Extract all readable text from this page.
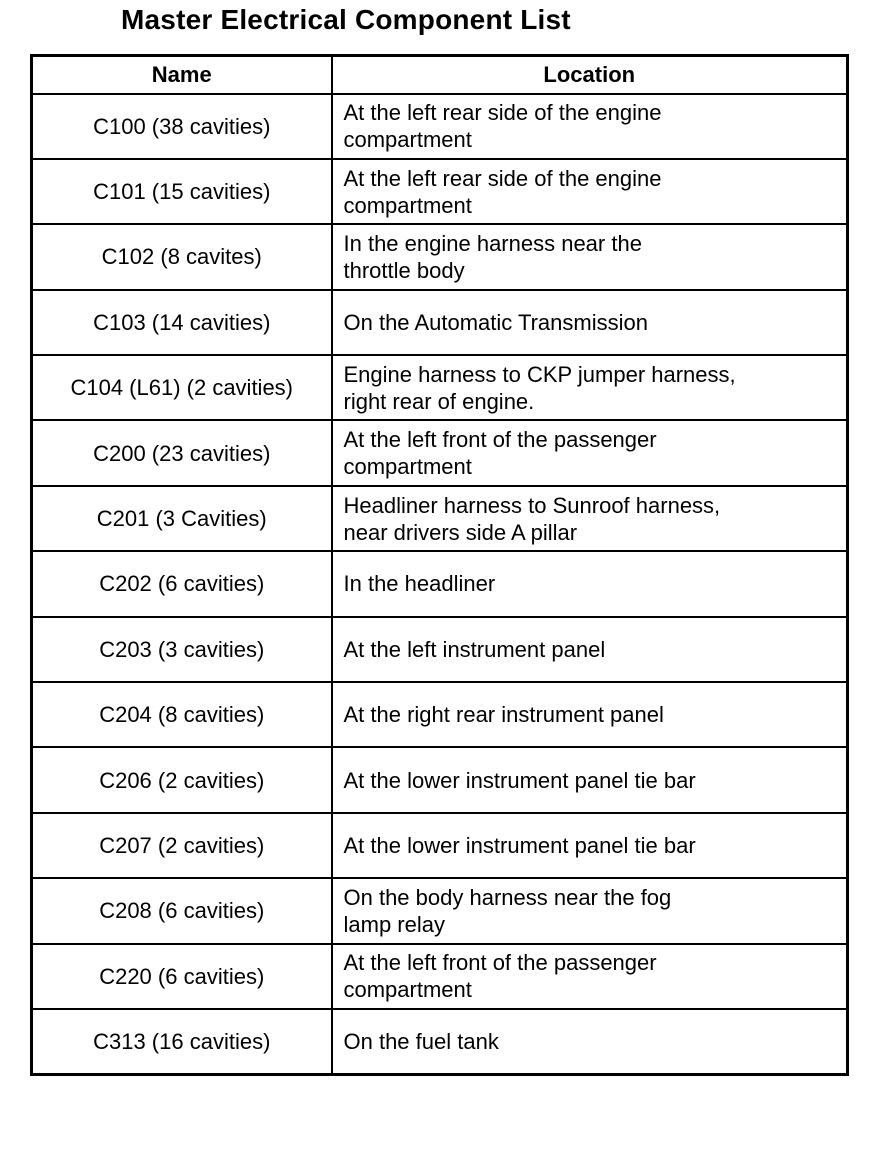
Master Electrical Component List
Name	Location
C100 (38 cavities)	At the left rear side of the engine
compartment

C101 (15 cavities)	At the left rear side of the engine
compartment

C102 (8 cavites)	In the engine harness near the
throttle body

C103 (14 cavities)	On the Automatic Transmission

C104 (L61) (2 cavities)	Engine harness to CKP jumper harness,
right rear of engine.

C200 (23 cavities)	At the left front of the passenger
compartment

C201 (3 Cavities)	Headliner harness to Sunroof harness,
near drivers side A pillar

C202 (6 cavities)	In the headliner

C203 (3 cavities)	At the left instrument panel

C204 (8 cavities)	At the right rear instrument panel

C206 (2 cavities)	At the lower instrument panel tie bar

C207 (2 cavities)	At the lower instrument panel tie bar

C208 (6 cavities)	On the body harness near the fog
lamp relay

C220 (6 cavities)	At the left front of the passenger
compartment

C313 (16 cavities)	On the fuel tank
